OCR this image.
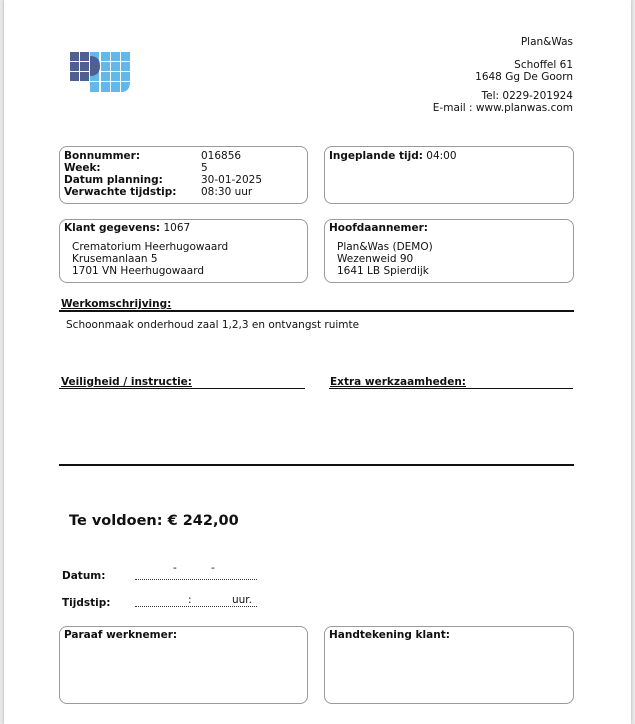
Plan&Was
Schoffel 61
1648 Gg De Goorn
Tel: 0229-201924
E-mail : www.planwas.com
Bonnummer:	016856
Week:	5
Datum planning:	30-01-2025
Verwachte tijdstip:	08:30 uur
Ingeplande tijd: 04:00
Klant gegevens: 1067
Crematorium Heerhugowaard
Krusemanlaan 5
1701 VN Heerhugowaard
Hoofdaannemer:
Plan&Was (DEMO)
Wezenweid 90
1641 LB Spierdijk
Werkomschrijving:
Schoonmaak onderhoud zaal 1,2,3 en ontvangst ruimte
Veiligheid / instructie:	Extra werkzaamheden:
Te voldoen: € 242,00
Datum:
-	-
Tijdstip:	:	uur.
Paraaf werknemer:	Handtekening klant:
